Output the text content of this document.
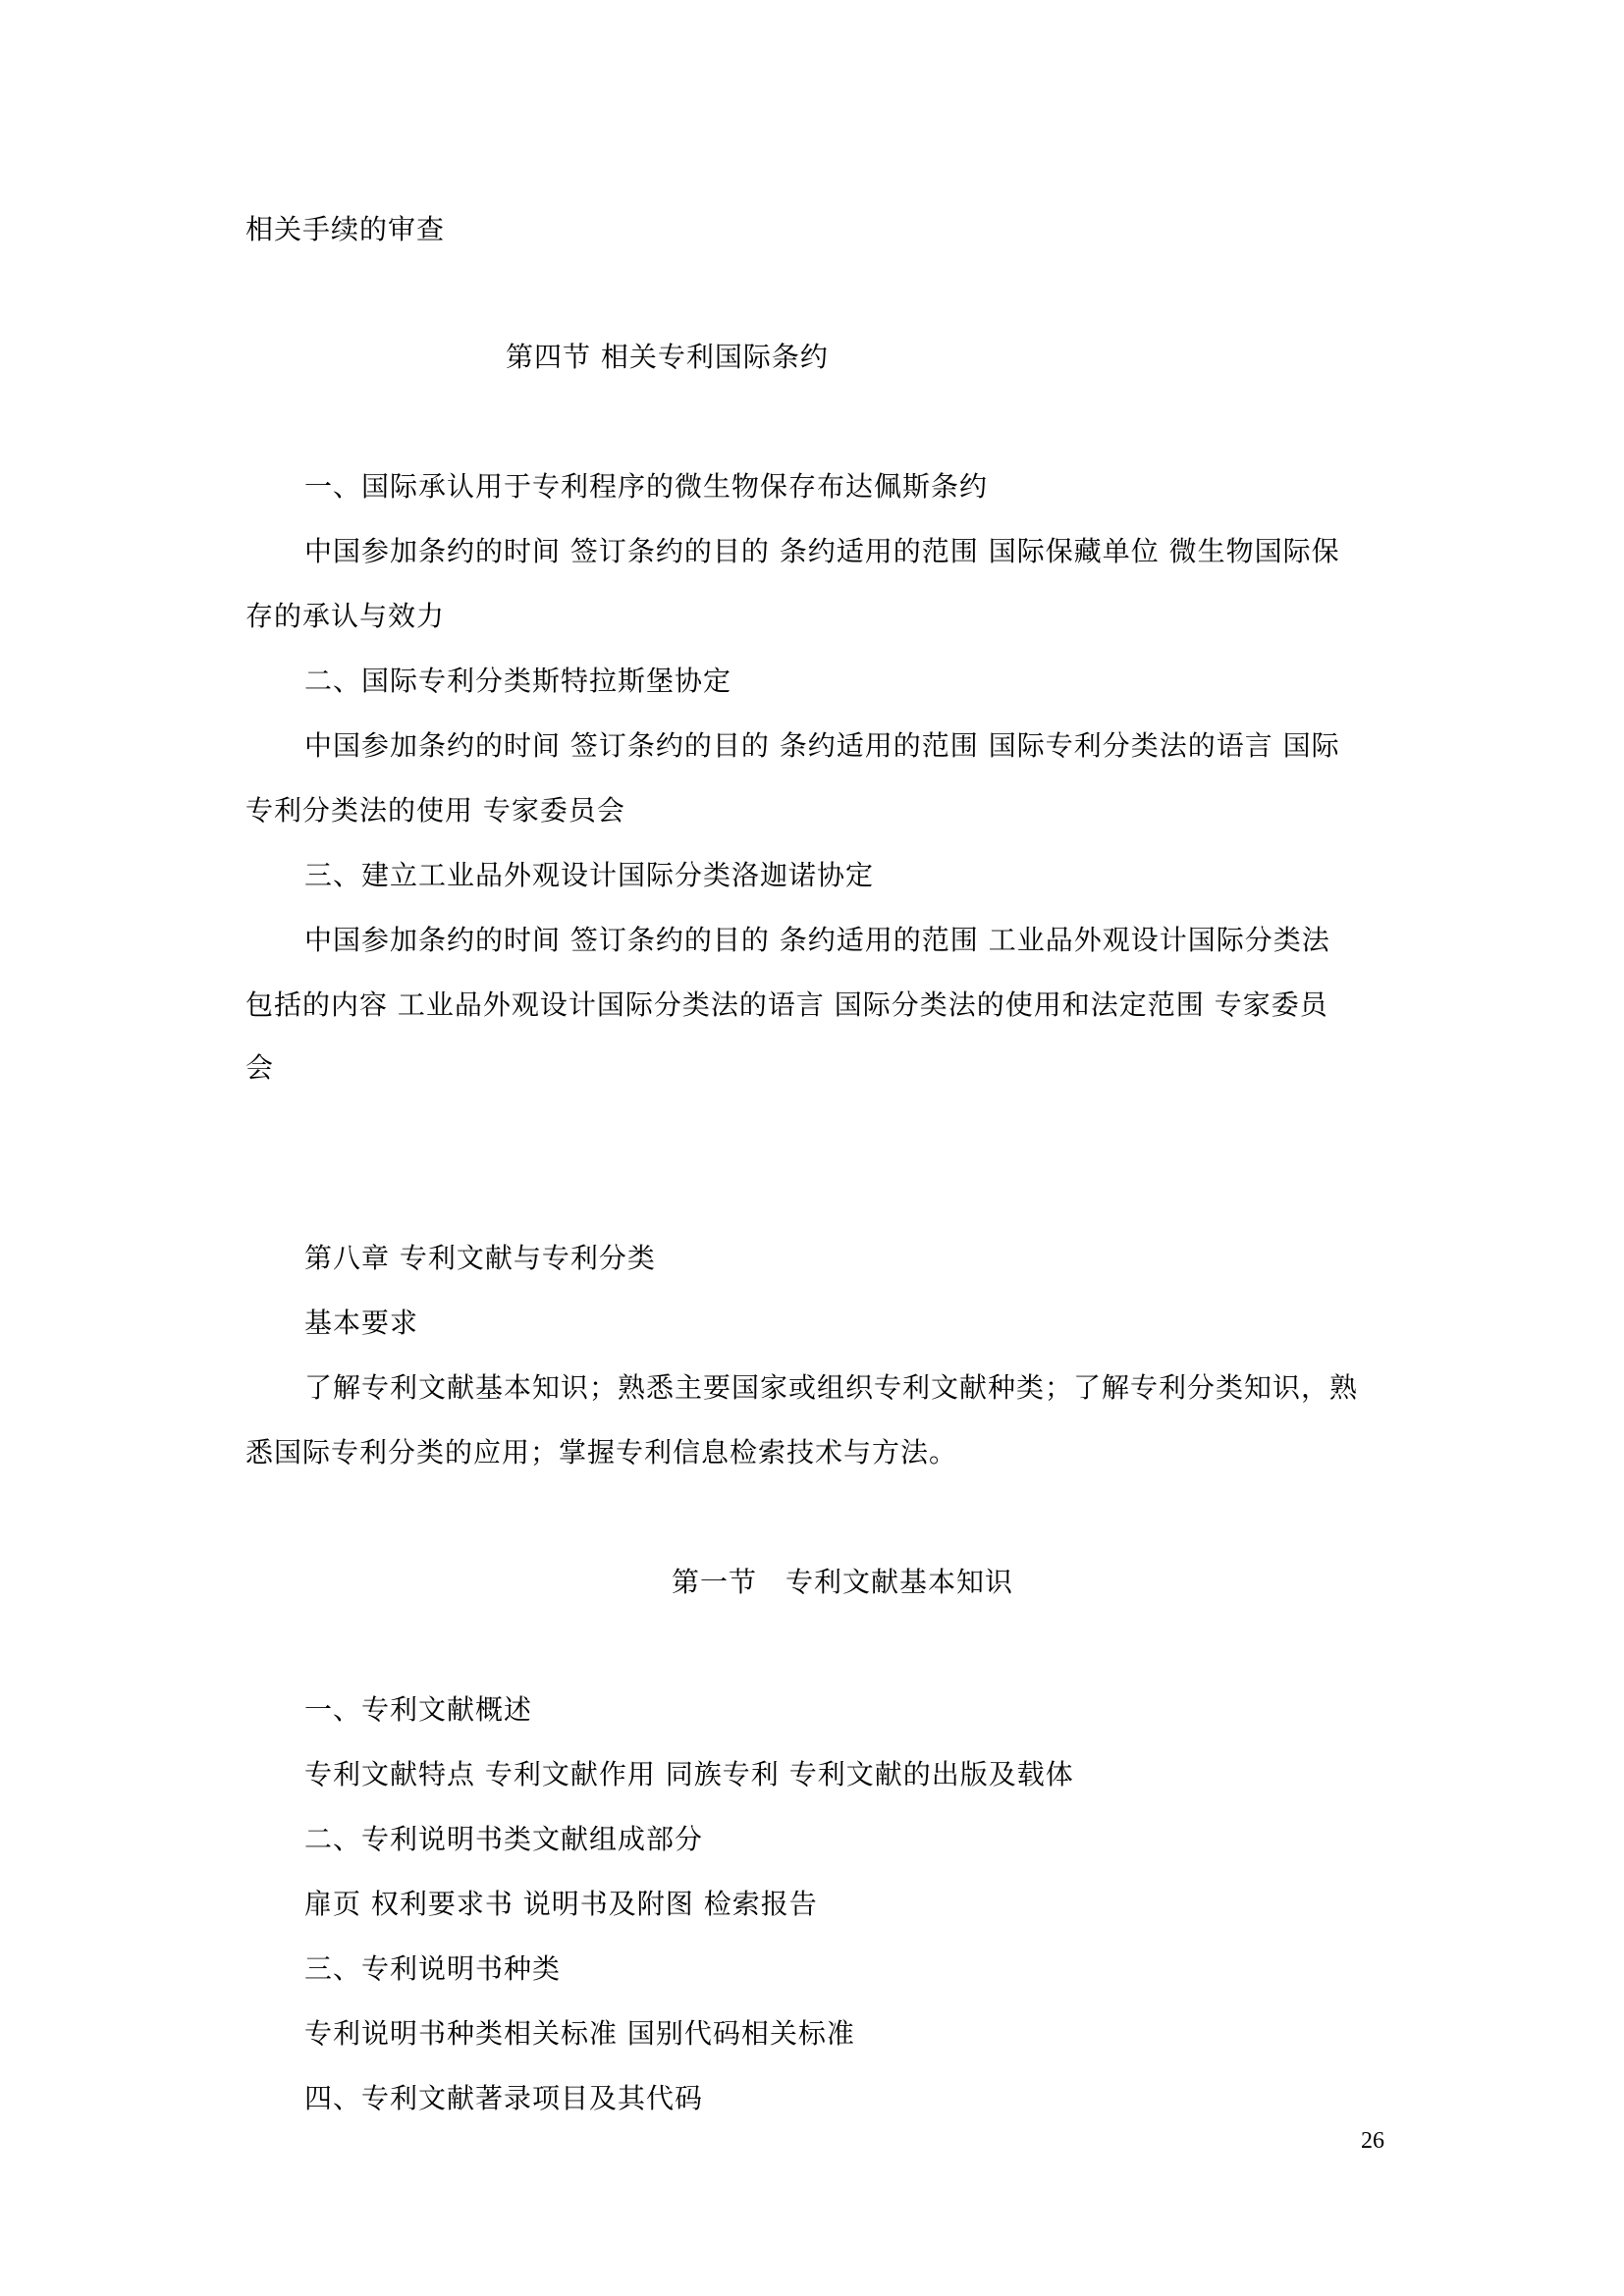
相关手续的审查
第四节 相关专利国际条约
一、国际承认用于专利程序的微生物保存布达佩斯条约
中国参加条约的时间 签订条约的目的 条约适用的范围 国际保藏单位 微生物国际保
存的承认与效力
二、国际专利分类斯特拉斯堡协定
中国参加条约的时间 签订条约的目的 条约适用的范围 国际专利分类法的语言 国际
专利分类法的使用 专家委员会
三、建立工业品外观设计国际分类洛迦诺协定
中国参加条约的时间 签订条约的目的 条约适用的范围 工业品外观设计国际分类法
包括的内容 工业品外观设计国际分类法的语言 国际分类法的使用和法定范围 专家委员
会
第八章 专利文献与专利分类
基本要求
了解专利文献基本知识；熟悉主要国家或组织专利文献种类；了解专利分类知识，熟
悉国际专利分类的应用；掌握专利信息检索技术与方法。
第一节　专利文献基本知识
一、专利文献概述
专利文献特点 专利文献作用 同族专利 专利文献的出版及载体
二、专利说明书类文献组成部分
扉页 权利要求书 说明书及附图 检索报告
三、专利说明书种类
专利说明书种类相关标准 国别代码相关标准
四、专利文献著录项目及其代码
26
